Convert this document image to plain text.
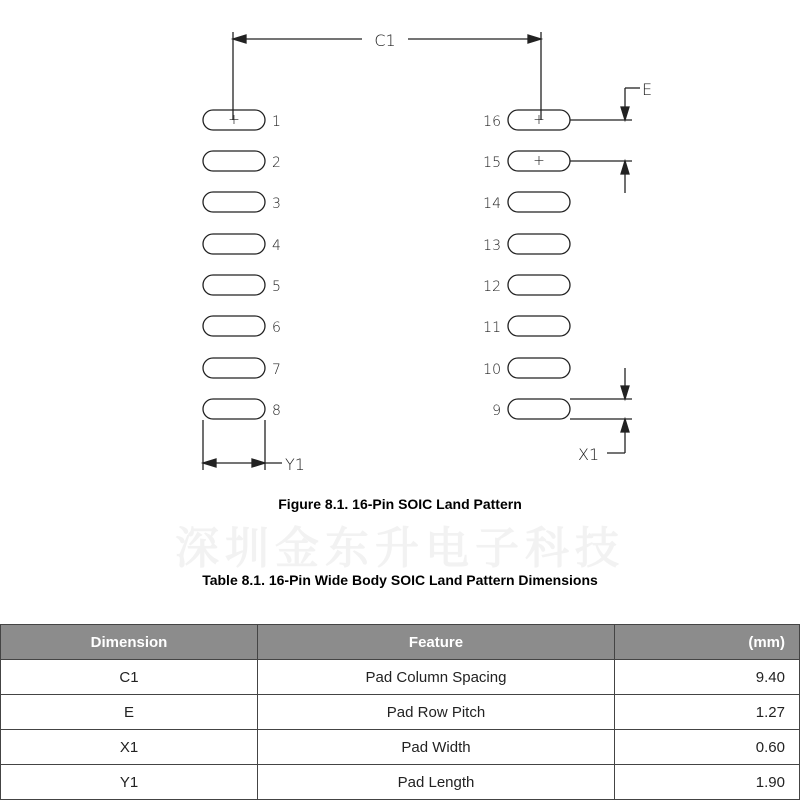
C1
E
X1
Y1
+ 1
2
3
4
5
6
7
8
+
16
+
15
14
13
12
11
10
9
Figure 8.1. 16-Pin SOIC Land Pattern
深圳金东升电子科技
Table 8.1. 16-Pin Wide Body SOIC Land Pattern Dimensions
Dimension	Feature	(mm)
C1	Pad Column Spacing	9.40
E	Pad Row Pitch	1.27
X1	Pad Width	0.60
Y1	Pad Length	1.90
